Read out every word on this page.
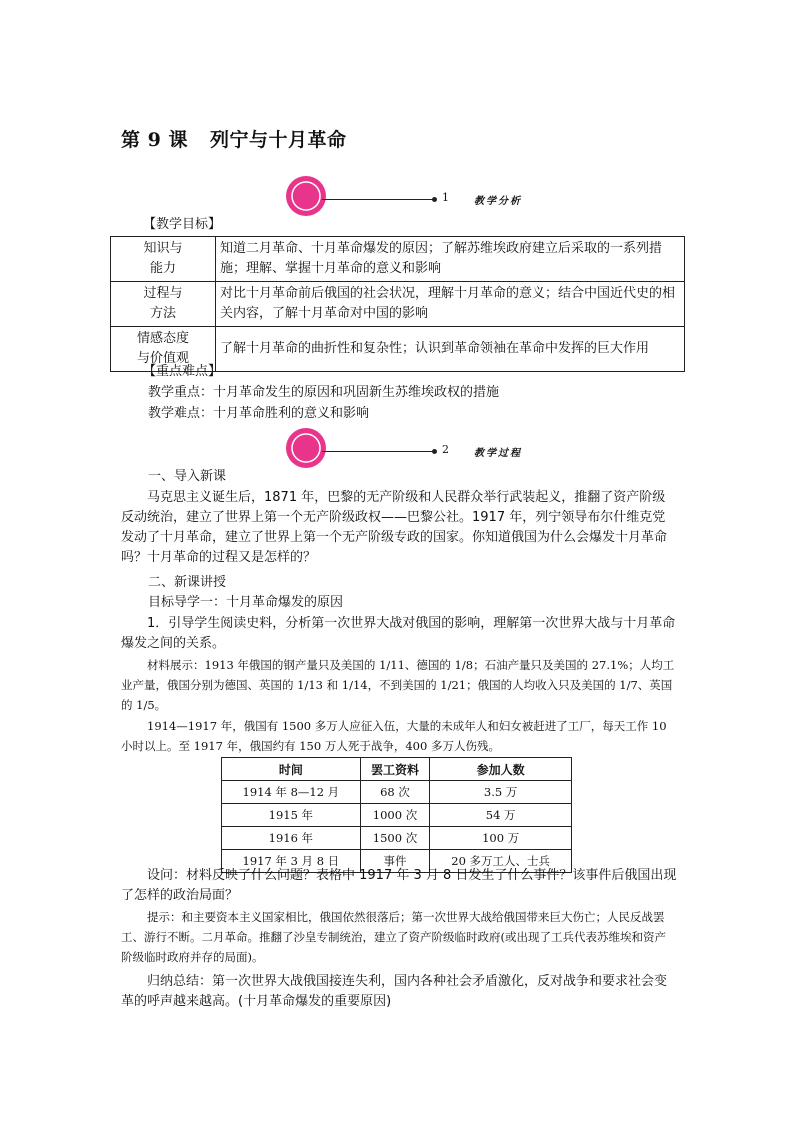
第 9 课 列宁与十月革命
1	教学分析
【教学目标】
知识与
能力	知道二月革命、十月革命爆发的原因；了解苏维埃政府建立后采取的一系列措施；理解、掌握十月革命的意义和影响
过程与
方法	对比十月革命前后俄国的社会状况，理解十月革命的意义；结合中国近代史的相关内容，了解十月革命对中国的影响
情感态度
与价值观	了解十月革命的曲折性和复杂性；认识到革命领袖在革命中发挥的巨大作用
【重点难点】
教学重点：十月革命发生的原因和巩固新生苏维埃政权的措施
教学难点：十月革命胜利的意义和影响
2	教学过程
一、导入新课
马克思主义诞生后，1871 年，巴黎的无产阶级和人民群众举行武装起义，推翻了资产阶级反动统治，建立了世界上第一个无产阶级政权——巴黎公社。1917 年，列宁领导布尔什维克党发动了十月革命，建立了世界上第一个无产阶级专政的国家。你知道俄国为什么会爆发十月革命吗？十月革命的过程又是怎样的？
二、新课讲授
目标导学一：十月革命爆发的原因
1．引导学生阅读史料，分析第一次世界大战对俄国的影响，理解第一次世界大战与十月革命爆发之间的关系。
材料展示：1913 年俄国的钢产量只及美国的 1/11、德国的 1/8；石油产量只及美国的 27.1%；人均工业产量，俄国分别为德国、英国的 1/13 和 1/14，不到美国的 1/21；俄国的人均收入只及美国的 1/7、英国的 1/5。
1914—1917 年，俄国有 1500 多万人应征入伍，大量的未成年人和妇女被赶进了工厂，每天工作 10 小时以上。至 1917 年，俄国约有 150 万人死于战争，400 多万人伤残。
时间	罢工资料	参加人数
1914 年 8—12 月	68 次	3.5 万
1915 年	1000 次	54 万
1916 年	1500 次	100 万
1917 年 3 月 8 日	事件	20 多万工人、士兵
设问：材料反映了什么问题？表格中 1917 年 3 月 8 日发生了什么事件？该事件后俄国出现了怎样的政治局面？
提示：和主要资本主义国家相比，俄国依然很落后；第一次世界大战给俄国带来巨大伤亡；人民反战罢工、游行不断。二月革命。推翻了沙皇专制统治，建立了资产阶级临时政府(或出现了工兵代表苏维埃和资产阶级临时政府并存的局面)。
归纳总结：第一次世界大战俄国接连失利，国内各种社会矛盾激化，反对战争和要求社会变革的呼声越来越高。(十月革命爆发的重要原因)
